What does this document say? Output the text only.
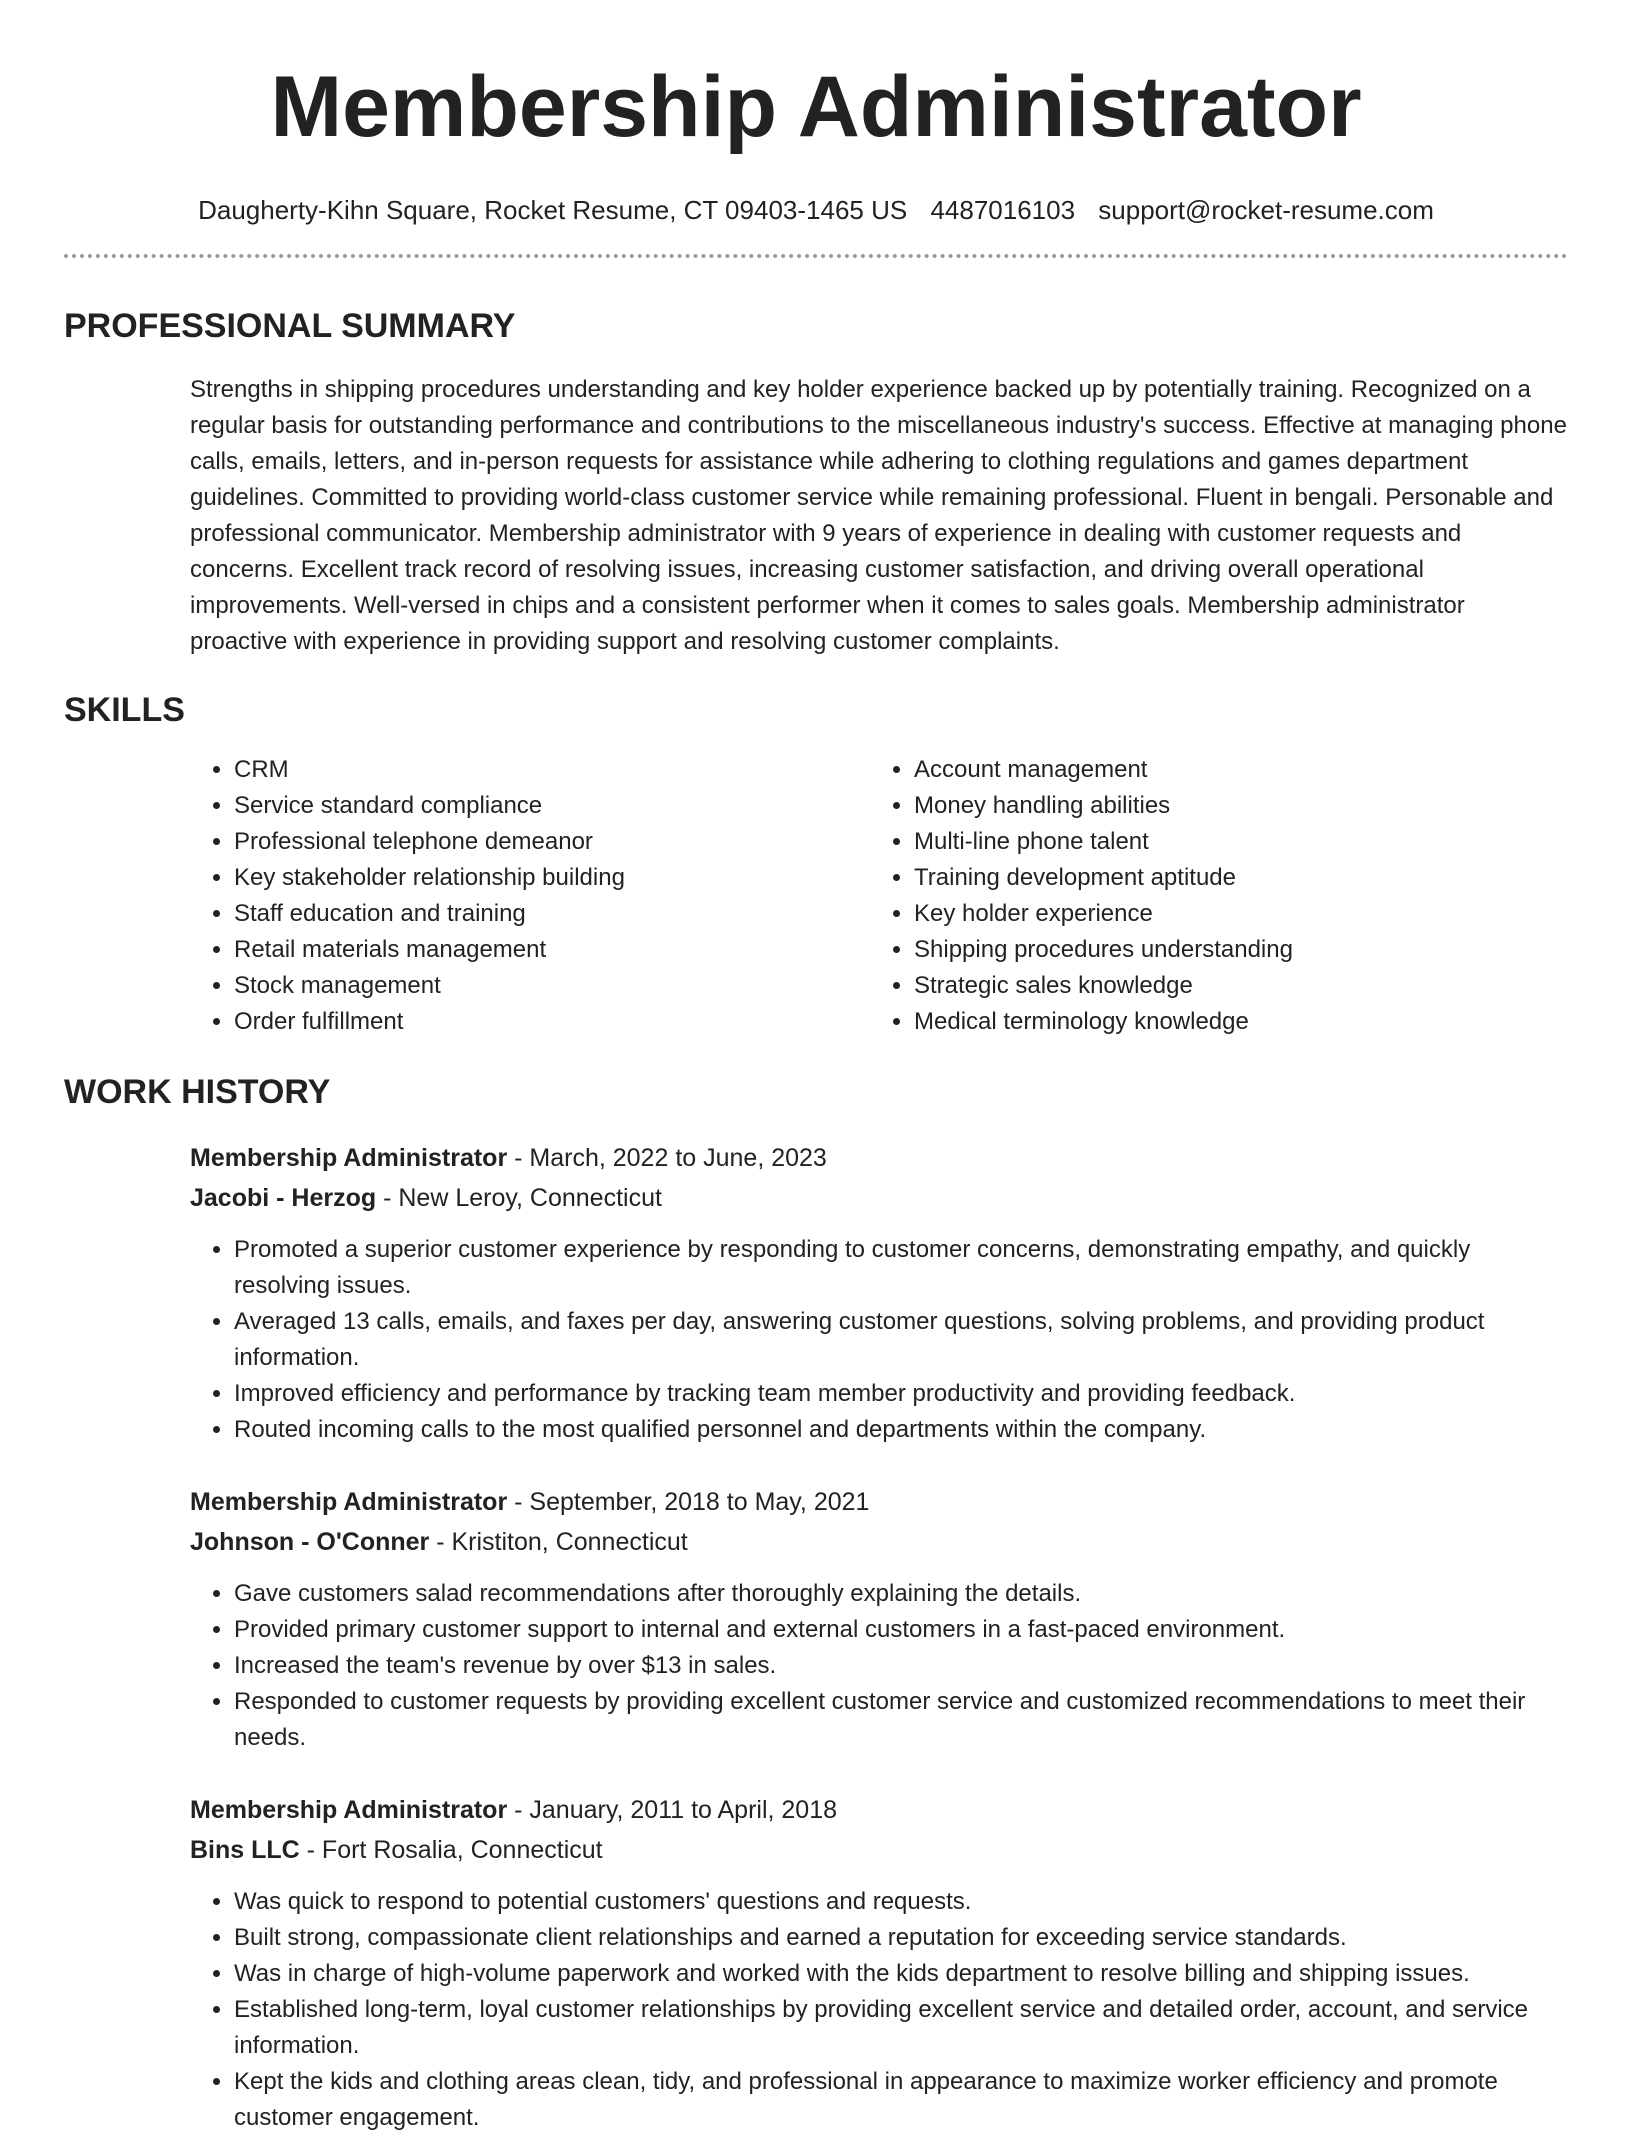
Membership Administrator
Daugherty-Kihn Square, Rocket Resume, CT 09403-1465 US 4487016103 support@rocket-resume.com
PROFESSIONAL SUMMARY

Strengths in shipping procedures understanding and key holder experience backed up by potentially training. Recognized on a regular basis for outstanding performance and contributions to the miscellaneous industry's success. Effective at managing phone calls, emails, letters, and in-person requests for assistance while adhering to clothing regulations and games department guidelines. Committed to providing world-class customer service while remaining professional. Fluent in bengali. Personable and professional communicator. Membership administrator with 9 years of experience in dealing with customer requests and concerns. Excellent track record of resolving issues, increasing customer satisfaction, and driving overall operational improvements. Well-versed in chips and a consistent performer when it comes to sales goals. Membership administrator proactive with experience in providing support and resolving customer complaints.

SKILLS
• CRM
• Service standard compliance
• Professional telephone demeanor
• Key stakeholder relationship building
• Staff education and training
• Retail materials management
• Stock management
• Order fulfillment
• Account management
• Money handling abilities
• Multi-line phone talent
• Training development aptitude
• Key holder experience
• Shipping procedures understanding
• Strategic sales knowledge
• Medical terminology knowledge
WORK HISTORY
Membership Administrator - March, 2022 to June, 2023
Jacobi - Herzog - New Leroy, Connecticut
• Promoted a superior customer experience by responding to customer concerns, demonstrating empathy, and quickly resolving issues.
• Averaged 13 calls, emails, and faxes per day, answering customer questions, solving problems, and providing product information.
• Improved efficiency and performance by tracking team member productivity and providing feedback.
• Routed incoming calls to the most qualified personnel and departments within the company.
Membership Administrator - September, 2018 to May, 2021
Johnson - O'Conner - Kristiton, Connecticut
• Gave customers salad recommendations after thoroughly explaining the details.
• Provided primary customer support to internal and external customers in a fast-paced environment.
• Increased the team's revenue by over $13 in sales.
• Responded to customer requests by providing excellent customer service and customized recommendations to meet their needs.
Membership Administrator - January, 2011 to April, 2018
Bins LLC - Fort Rosalia, Connecticut
• Was quick to respond to potential customers' questions and requests.
• Built strong, compassionate client relationships and earned a reputation for exceeding service standards.
• Was in charge of high-volume paperwork and worked with the kids department to resolve billing and shipping issues.
• Established long-term, loyal customer relationships by providing excellent service and detailed order, account, and service information.
• Kept the kids and clothing areas clean, tidy, and professional in appearance to maximize worker efficiency and promote customer engagement.
